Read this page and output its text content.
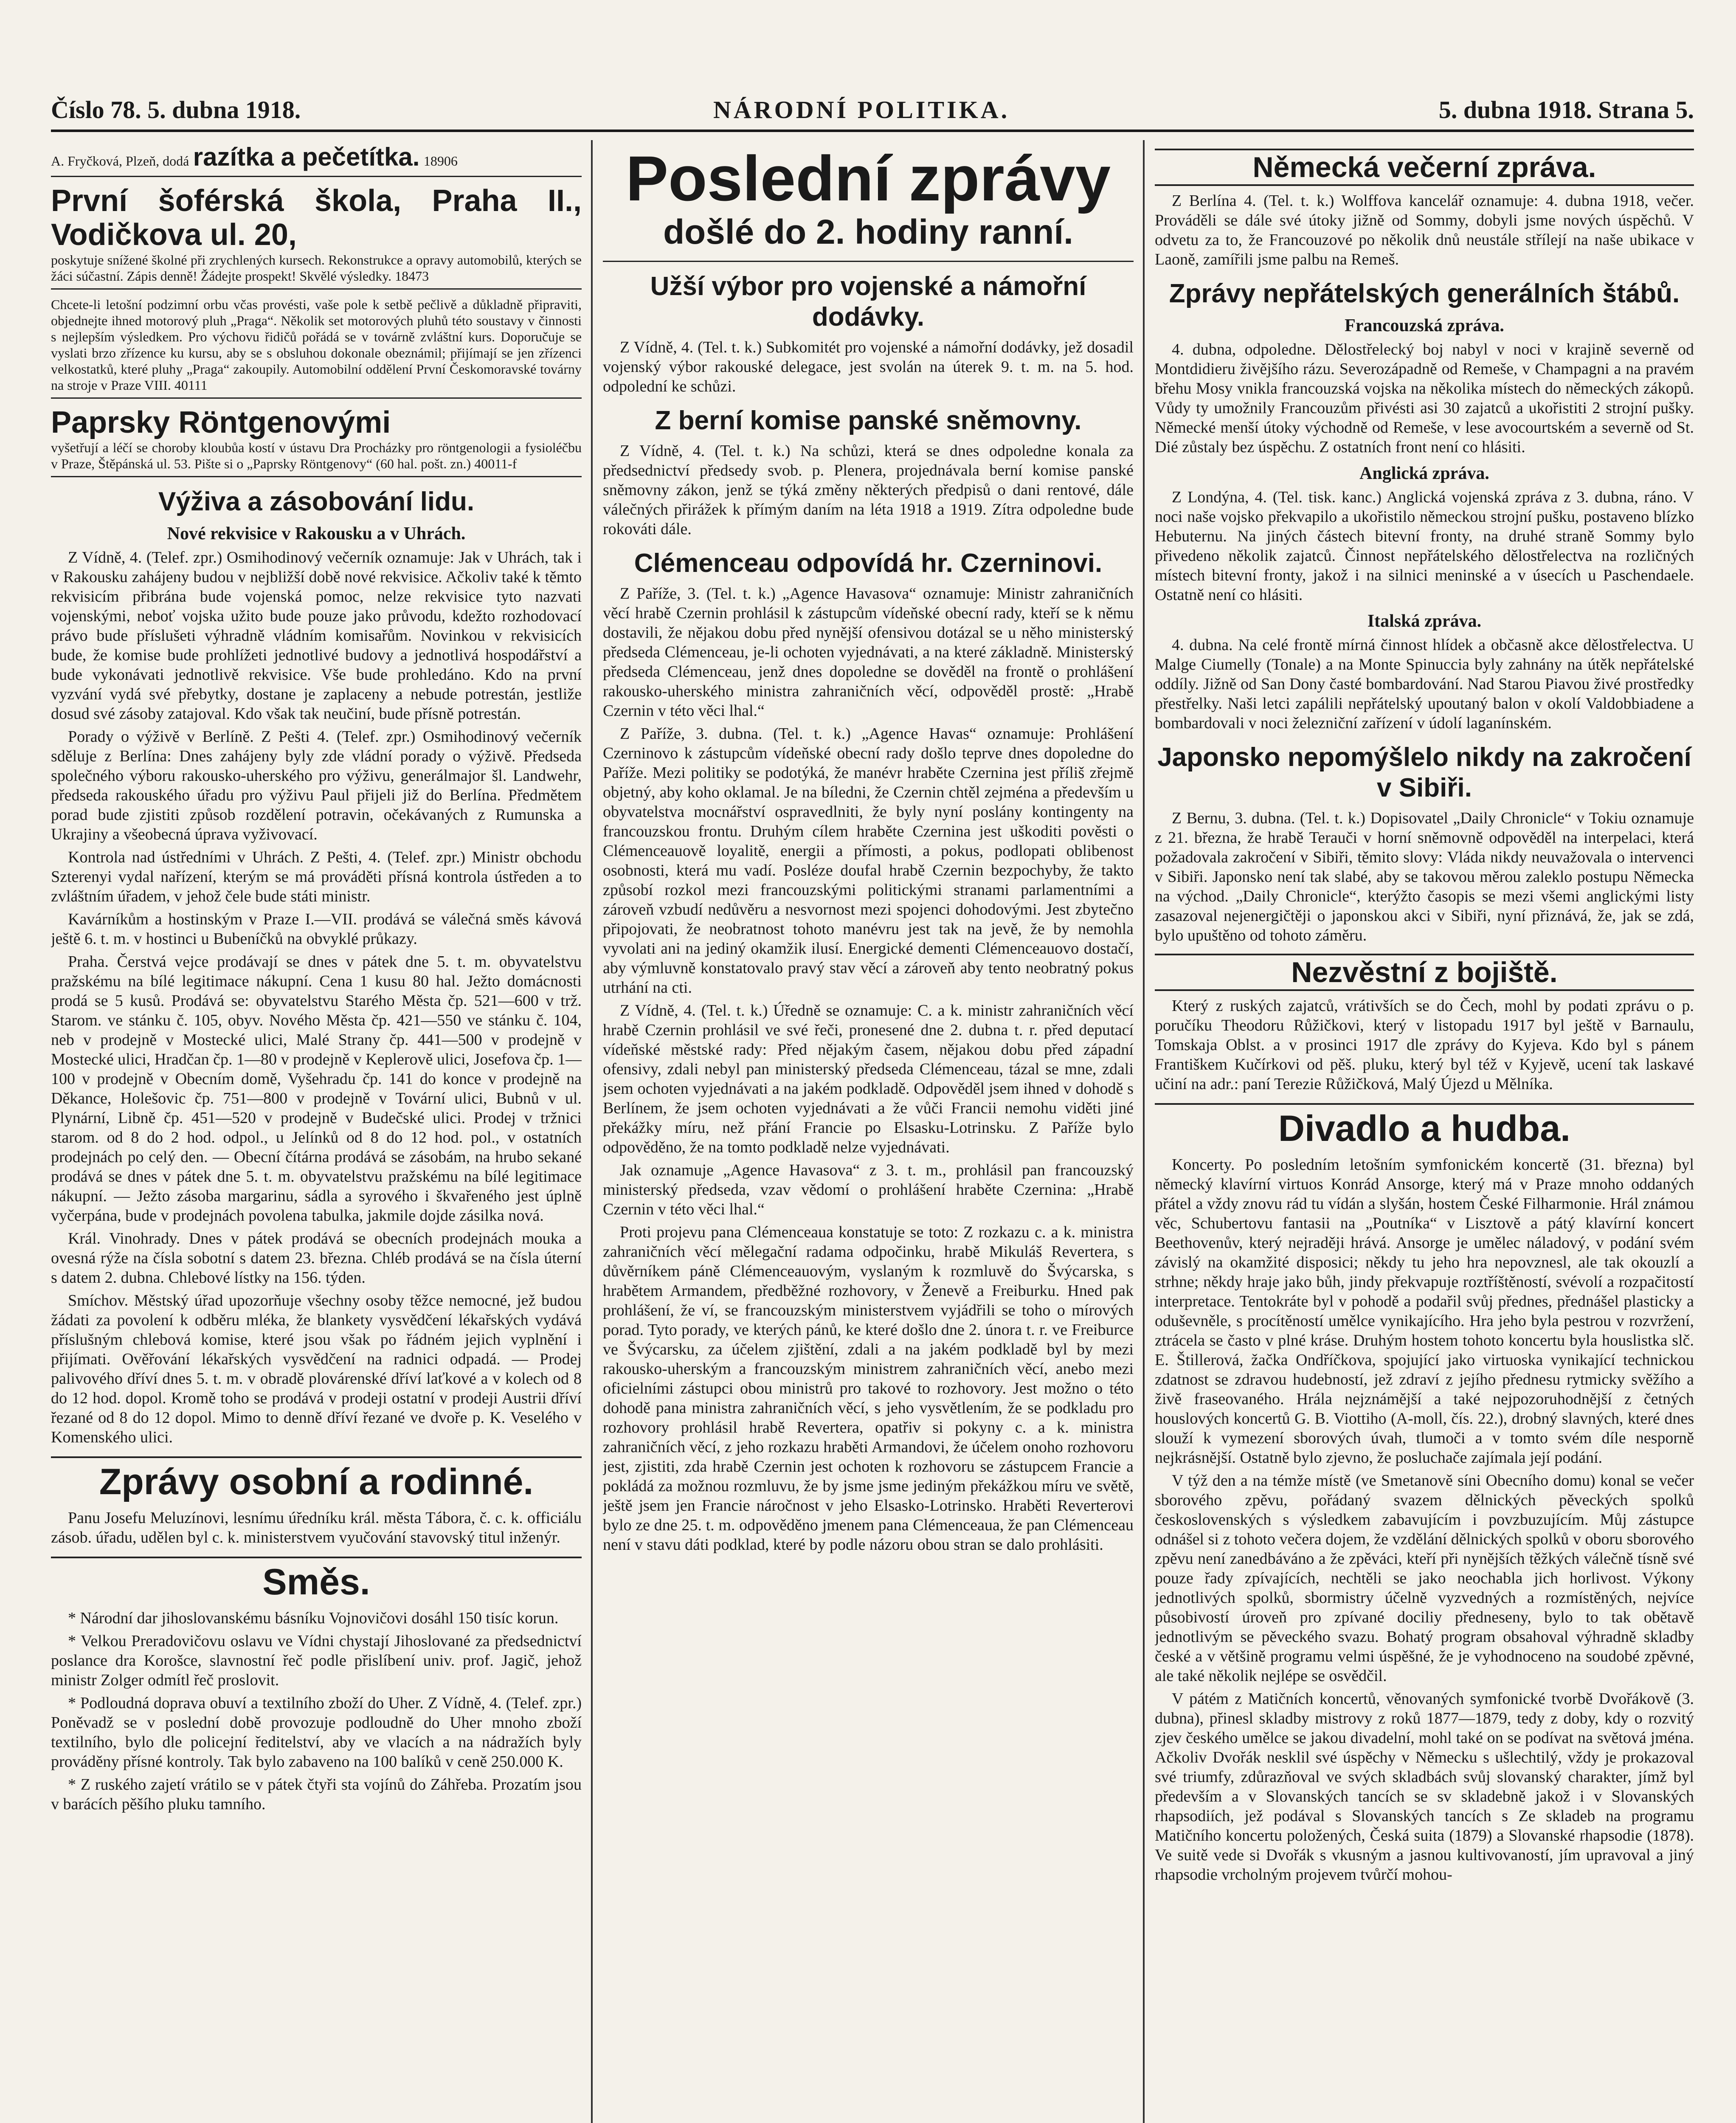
Číslo 78. 5. dubna 1918.	NÁRODNÍ POLITIKA.	5. dubna 1918. Strana 5.
A. Fryčková, Plzeň, dodá razítka a pečetítka. 18906
První šoférská škola, Praha II., Vodičkova ul. 20,
poskytuje snížené školné při zrychlených kursech. Rekonstrukce a opravy automobilů, kterých se žáci súčastní. Zápis denně! Žádejte prospekt! Skvělé výsledky. 18473
Chcete-li letošní podzimní orbu včas provésti, vaše pole k setbě pečlivě a důkladně připraviti, objednejte ihned motorový pluh „Praga“. Několik set motorových pluhů této soustavy v činnosti s nejlepším výsledkem. Pro výchovu řidičů pořádá se v továrně zvláštní kurs. Doporučuje se vyslati brzo zřízence ku kursu, aby se s obsluhou dokonale obeznámil; přijímají se jen zřízenci velkostatků, které pluhy „Praga“ zakoupily. Automobilní oddělení První Českomoravské továrny na stroje v Praze VIII. 40111
Paprsky Röntgenovými
vyšetřují a léčí se choroby kloubůa kostí v ústavu Dra Procházky pro röntgenologii a fysioléčbu v Praze, Štěpánská ul. 53. Pište si o „Paprsky Röntgenovy“ (60 hal. pošt. zn.) 40011-f
Výživa a zásobování lidu.
Nové rekvisice v Rakousku a v Uhrách.

Z Vídně, 4. (Telef. zpr.) Osmihodinový večerník oznamuje: Jak v Uhrách, tak i v Rakousku zahájeny budou v nejbližší době nové rekvisice. Ačkoliv také k těmto rekvisicím přibrána bude vojenská pomoc, nelze rekvisice tyto nazvati vojenskými, neboť vojska užito bude pouze jako průvodu, kdežto rozhodovací právo bude příslušeti výhradně vládním komisařům. Novinkou v rekvisicích bude, že komise bude prohlížeti jednotlivé budovy a jednotlivá hospodářství a bude vykonávati jednotlivě rekvisice. Vše bude prohledáno. Kdo na první vyzvání vydá své přebytky, dostane je zaplaceny a nebude potrestán, jestliže dosud své zásoby zatajoval. Kdo však tak neučiní, bude přísně potrestán.

Porady o výživě v Berlíně. Z Pešti 4. (Telef. zpr.) Osmihodinový večerník sděluje z Berlína: Dnes zahájeny byly zde vládní porady o výživě. Předseda společného výboru rakousko-uherského pro výživu, generálmajor šl. Landwehr, předseda rakouského úřadu pro výživu Paul přijeli již do Berlína. Předmětem porad bude zjistiti způsob rozdělení potravin, očekávaných z Rumunska a Ukrajiny a všeobecná úprava vyživovací.

Kontrola nad ústředními v Uhrách. Z Pešti, 4. (Telef. zpr.) Ministr obchodu Szterenyi vydal nařízení, kterým se má prováděti přísná kontrola ústředen a to zvláštním úřadem, v jehož čele bude státi ministr.

Kavárníkům a hostinským v Praze I.—VII. prodává se válečná směs kávová ještě 6. t. m. v hostinci u Bubeníčků na obvyklé průkazy.

Praha. Čerstvá vejce prodávají se dnes v pátek dne 5. t. m. obyvatelstvu pražskému na bílé legitimace nákupní. Cena 1 kusu 80 hal. Ježto domácnosti prodá se 5 kusů. Prodává se: obyvatelstvu Starého Města čp. 521—600 v trž. Starom. ve stánku č. 105, obyv. Nového Města čp. 421—550 ve stánku č. 104, neb v prodejně v Mostecké ulici, Malé Strany čp. 441—500 v prodejně v Mostecké ulici, Hradčan čp. 1—80 v prodejně v Keplerově ulici, Josefova čp. 1—100 v prodejně v Obecním domě, Vyšehradu čp. 141 do konce v prodejně na Děkance, Holešovic čp. 751—800 v prodejně v Tovární ulici, Bubnů v ul. Plynární, Libně čp. 451—520 v prodejně v Budečské ulici. Prodej v tržnici starom. od 8 do 2 hod. odpol., u Jelínků od 8 do 12 hod. pol., v ostatních prodejnách po celý den. — Obecní čítárna prodává se zásobám, na hrubo sekané prodává se dnes v pátek dne 5. t. m. obyvatelstvu pražskému na bílé legitimace nákupní. — Ježto zásoba margarinu, sádla a syrového i škvařeného jest úplně vyčerpána, bude v prodejnách povolena tabulka, jakmile dojde zásilka nová.

Král. Vinohrady. Dnes v pátek prodává se obecních prodejnách mouka a ovesná rýže na čísla sobotní s datem 23. března. Chléb prodává se na čísla úterní s datem 2. dubna. Chlebové lístky na 156. týden.

Smíchov. Městský úřad upozorňuje všechny osoby těžce nemocné, jež budou žádati za povolení k odběru mléka, že blankety vysvědčení lékařských vydává příslušným chlebová komise, které jsou však po řádném jejich vyplnění i přijímati. Ověřování lékařských vysvědčení na radnici odpadá. — Prodej palivového dříví dnes 5. t. m. v obradě plovárenské dříví laťkové a v kolech od 8 do 12 hod. dopol. Kromě toho se prodává v prodeji ostatní v prodeji Austrii dříví řezané od 8 do 12 dopol. Mimo to denně dříví řezané ve dvoře p. K. Veselého v Komenského ulici.

Zprávy osobní a rodinné.

Panu Josefu Meluzínovi, lesnímu úředníku král. města Tábora, č. c. k. officiálu zásob. úřadu, udělen byl c. k. ministerstvem vyučování stavovský titul inženýr.

Směs.

* Národní dar jihoslovanskému básníku Vojnovičovi dosáhl 150 tisíc korun.

* Velkou Preradovičovu oslavu ve Vídni chystají Jihoslované za předsednictví poslance dra Korošce, slavnostní řeč podle přislíbení univ. prof. Jagič, jehož ministr Zolger odmítl řeč proslovit.

* Podloudná doprava obuví a textilního zboží do Uher. Z Vídně, 4. (Telef. zpr.) Poněvadž se v poslední době provozuje podloudně do Uher mnoho zboží textilního, bylo dle policejní ředitelství, aby ve vlacích a na nádražích byly prováděny přísné kontroly. Tak bylo zabaveno na 100 balíků v ceně 250.000 K.

* Z ruského zajetí vrátilo se v pátek čtyři sta vojínů do Záhřeba. Prozatím jsou v barácích pěšího pluku tamního.

Poslední zprávy
došlé do 2. hodiny ranní.
Užší výbor pro vojenské a námořní dodávky.

Z Vídně, 4. (Tel. t. k.) Subkomitét pro vojenské a námořní dodávky, jež dosadil vojenský výbor rakouské delegace, jest svolán na úterek 9. t. m. na 5. hod. odpolední ke schůzi.

Z berní komise panské sněmovny.

Z Vídně, 4. (Tel. t. k.) Na schůzi, která se dnes odpoledne konala za předsednictví předsedy svob. p. Plenera, projednávala berní komise panské sněmovny zákon, jenž se týká změny některých předpisů o dani rentové, dále válečných přirážek k přímým daním na léta 1918 a 1919. Zítra odpoledne bude rokováti dále.

Clémenceau odpovídá hr. Czerninovi.

Z Paříže, 3. (Tel. t. k.) „Agence Havasova“ oznamuje: Ministr zahraničních věcí hrabě Czernin prohlásil k zástupcům vídeňské obecní rady, kteří se k němu dostavili, že nějakou dobu před nynější ofensivou dotázal se u něho ministerský předseda Clémenceau, je-li ochoten vyjednávati, a na které základně. Ministerský předseda Clémenceau, jenž dnes dopoledne se dověděl na frontě o prohlášení rakousko-uherského ministra zahraničních věcí, odpověděl prostě: „Hrabě Czernin v této věci lhal.“

Z Paříže, 3. dubna. (Tel. t. k.) „Agence Havas“ oznamuje: Prohlášení Czerninovo k zástupcům vídeňské obecní rady došlo teprve dnes dopoledne do Paříže. Mezi politiky se podotýká, že manévr hraběte Czernina jest příliš zřejmě objetný, aby koho oklamal. Je na bíledni, že Czernin chtěl zejména a především u obyvatelstva mocnářství ospravedlniti, že byly nyní poslány kontingenty na francouzskou frontu. Druhým cílem hraběte Czernina jest uškoditi pověsti o Clémenceauově loyalitě, energii a přímosti, a pokus, podlopati oblibenost osobnosti, která mu vadí. Posléze doufal hrabě Czernin bezpochyby, že takto způsobí rozkol mezi francouzskými politickými stranami parlamentními a zároveň vzbudí nedůvěru a nesvornost mezi spojenci dohodovými. Jest zbytečno připojovati, že neobratnost tohoto manévru jest tak na jevě, že by nemohla vyvolati ani na jediný okamžik ilusí. Energické dementi Clémenceauovo dostačí, aby výmluvně konstatovalo pravý stav věcí a zároveň aby tento neobratný pokus utrhání na cti.

Z Vídně, 4. (Tel. t. k.) Úředně se oznamuje: C. a k. ministr zahraničních věcí hrabě Czernin prohlásil ve své řeči, pronesené dne 2. dubna t. r. před deputací vídeňské městské rady: Před nějakým časem, nějakou dobu před západní ofensivy, zdali nebyl pan ministerský předseda Clémenceau, tázal se mne, zdali jsem ochoten vyjednávati a na jakém podkladě. Odpověděl jsem ihned v dohodě s Berlínem, že jsem ochoten vyjednávati a že vůči Francii nemohu viděti jiné překážky míru, než přání Francie po Elsasku-Lotrinsku. Z Paříže bylo odpověděno, že na tomto podkladě nelze vyjednávati.

Jak oznamuje „Agence Havasova“ z 3. t. m., prohlásil pan francouzský ministerský předseda, vzav vědomí o prohlášení hraběte Czernina: „Hrabě Czernin v této věci lhal.“

Proti projevu pana Clémenceaua konstatuje se toto: Z rozkazu c. a k. ministra zahraničních věcí mělegační radama odpočinku, hrabě Mikuláš Revertera, s důvěrníkem páně Clémenceauovým, vyslaným k rozmluvě do Švýcarska, s hrabětem Armandem, předběžné rozhovory, v Ženevě a Freiburku. Hned pak prohlášení, že ví, se francouzským ministerstvem vyjádřili se toho o mírových porad. Tyto porady, ve kterých pánů, ke které došlo dne 2. února t. r. ve Freiburce ve Švýcarsku, za účelem zjištění, zdali a na jakém podkladě byl by mezi rakousko-uherským a francouzským ministrem zahraničních věcí, anebo mezi oficielními zástupci obou ministrů pro takové to rozhovory. Jest možno o této dohodě pana ministra zahraničních věcí, s jeho vysvětlením, že se podkladu pro rozhovory prohlásil hrabě Revertera, opatřiv si pokyny c. a k. ministra zahraničních věcí, z jeho rozkazu hraběti Armandovi, že účelem onoho rozhovoru jest, zjistiti, zda hrabě Czernin jest ochoten k rozhovoru se zástupcem Francie a pokládá za možnou rozmluvu, že by jsme jsme jediným překážkou míru ve světě, ještě jsem jen Francie náročnost v jeho Elsasko-Lotrinsko. Hraběti Reverterovi bylo ze dne 25. t. m. odpověděno jmenem pana Clémenceaua, že pan Clémenceau není v stavu dáti podklad, které by podle názoru obou stran se dalo prohlásiti.

Německá večerní zpráva.

Z Berlína 4. (Tel. t. k.) Wolffova kancelář oznamuje: 4. dubna 1918, večer. Prováděli se dále své útoky jižně od Sommy, dobyli jsme nových úspěchů. V odvetu za to, že Francouzové po několik dnů neustále střílejí na naše ubikace v Laoně, zamířili jsme palbu na Remeš.

Zprávy nepřátelských generálních štábů.
Francouzská zpráva.

4. dubna, odpoledne. Dělostřelecký boj nabyl v noci v krajině severně od Montdidieru živějšího rázu. Severozápadně od Remeše, v Champagni a na pravém břehu Mosy vnikla francouzská vojska na několika místech do německých zákopů. Vůdy ty umožnily Francouzům přivésti asi 30 zajatců a ukořistiti 2 strojní pušky. Německé menší útoky východně od Remeše, v lese avocourtském a severně od St. Dié zůstaly bez úspěchu. Z ostatních front není co hlásiti.

Anglická zpráva.

Z Londýna, 4. (Tel. tisk. kanc.) Anglická vojenská zpráva z 3. dubna, ráno. V noci naše vojsko překvapilo a ukořistilo německou strojní pušku, postaveno blízko Hebuternu. Na jiných částech bitevní fronty, na druhé straně Sommy bylo přivedeno několik zajatců. Činnost nepřátelského dělostřelectva na rozličných místech bitevní fronty, jakož i na silnici meninské a v úsecích u Paschendaele. Ostatně není co hlásiti.

Italská zpráva.

4. dubna. Na celé frontě mírná činnost hlídek a občasně akce dělostřelectva. U Malge Ciumelly (Tonale) a na Monte Spinuccia byly zahnány na útěk nepřátelské oddíly. Jižně od San Dony časté bombardování. Nad Starou Piavou živé prostředky přestřelky. Naši letci zapálili nepřátelský upoutaný balon v okolí Valdobbiadene a bombardovali v noci železniční zařízení v údolí laganínském.

Japonsko nepomýšlelo nikdy na zakročení v Sibiři.

Z Bernu, 3. dubna. (Tel. t. k.) Dopisovatel „Daily Chronicle“ v Tokiu oznamuje z 21. března, že hrabě Terauči v horní sněmovně odpověděl na interpelaci, která požadovala zakročení v Sibiři, těmito slovy: Vláda nikdy neuvažovala o intervenci v Sibiři. Japonsko není tak slabé, aby se takovou měrou zaleklo postupu Německa na východ. „Daily Chronicle“, kterýžto časopis se mezi všemi anglickými listy zasazoval nejenergičtěji o japonskou akci v Sibiři, nyní přiznává, že, jak se zdá, bylo upuštěno od tohoto záměru.

Nezvěstní z bojiště.

Který z ruských zajatců, vrátivších se do Čech, mohl by podati zprávu o p. poručíku Theodoru Růžičkovi, který v listopadu 1917 byl ještě v Barnaulu, Tomskaja Oblst. a v prosinci 1917 dle zprávy do Kyjeva. Kdo byl s pánem Františkem Kučírkovi od pěš. pluku, který byl též v Kyjevě, ucení tak laskavé učiní na adr.: paní Terezie Růžičková, Malý Újezd u Mělníka.

Divadlo a hudba.

Koncerty. Po posledním letošním symfonickém koncertě (31. března) byl německý klavírní virtuos Konrád Ansorge, který má v Praze mnoho oddaných přátel a vždy znovu rád tu vídán a slyšán, hostem České Filharmonie. Hrál známou věc, Schubertovu fantasii na „Poutníka“ v Lisztově a pátý klavírní koncert Beethovenův, který nejraději hrává. Ansorge je umělec náladový, v podání svém závislý na okamžité disposici; někdy tu jeho hra nepovznesl, ale tak okouzlí a strhne; někdy hraje jako bůh, jindy překvapuje roztříštěností, svévolí a rozpačitostí interpretace. Tentokráte byl v pohodě a podařil svůj přednes, přednášel plasticky a oduševněle, s procítěností umělce vynikajícího. Hra jeho byla pestrou v rozvržení, ztrácela se často v plné kráse. Druhým hostem tohoto koncertu byla houslistka slč. E. Štillerová, žačka Ondříčkova, spojující jako virtuoska vynikající technickou zdatnost se zdravou hudebností, jež zdraví z jejího přednesu rytmicky svěžího a živě fraseovaného. Hrála nejznámější a také nejpozoruhodnější z četných houslových koncertů G. B. Viottiho (A-moll, čís. 22.), drobný slavných, které dnes slouží k vymezení sborových úvah, tlumoči a v tomto svém díle nesporně nejkrásnější. Ostatně bylo zjevno, že posluchače zajímala její podání.

V týž den a na témže místě (ve Smetanově síni Obecního domu) konal se večer sborového zpěvu, pořádaný svazem dělnických pěveckých spolků československých s výsledkem zabavujícím i povzbuzujícím. Můj zástupce odnášel si z tohoto večera dojem, že vzdělání dělnických spolků v oboru sborového zpěvu není zanedbáváno a že zpěváci, kteří při nynějších těžkých válečně tísně své pouze řady zpívajících, nechtěli se jako neochabla jich horlivost. Výkony jednotlivých spolků, sbormistry účelně vyzvedných a rozmístěných, nejvíce působivostí úroveň pro zpívané dociliy předneseny, bylo to tak obětavě jednotlivým se pěveckého svazu. Bohatý program obsahoval výhradně skladby české a v většině programu velmi úspěšné, že je vyhodnoceno na soudobé zpěvné, ale také několik nejlépe se osvědčil.

V pátém z Matičních koncertů, věnovaných symfonické tvorbě Dvořákově (3. dubna), přinesl skladby mistrovy z roků 1877—1879, tedy z doby, kdy o rozvitý zjev českého umělce se jakou divadelní, mohl také on se podívat na světová jména. Ačkoliv Dvořák nesklil své úspěchy v Německu s ušlechtilý, vždy je prokazoval své triumfy, zdůrazňoval ve svých skladbách svůj slovanský charakter, jímž byl především a v Slovanských tancích se sv skladebně jakož i v Slovanských rhapsodiích, jež podával s Slovanských tancích s Ze skladeb na programu Matičního koncertu položených, Česká suita (1879) a Slovanské rhapsodie (1878). Ve suitě vede si Dvořák s vkusným a jasnou kultivovaností, jím upravoval a jiný rhapsodie vrcholným projevem tvůrčí mohou-
